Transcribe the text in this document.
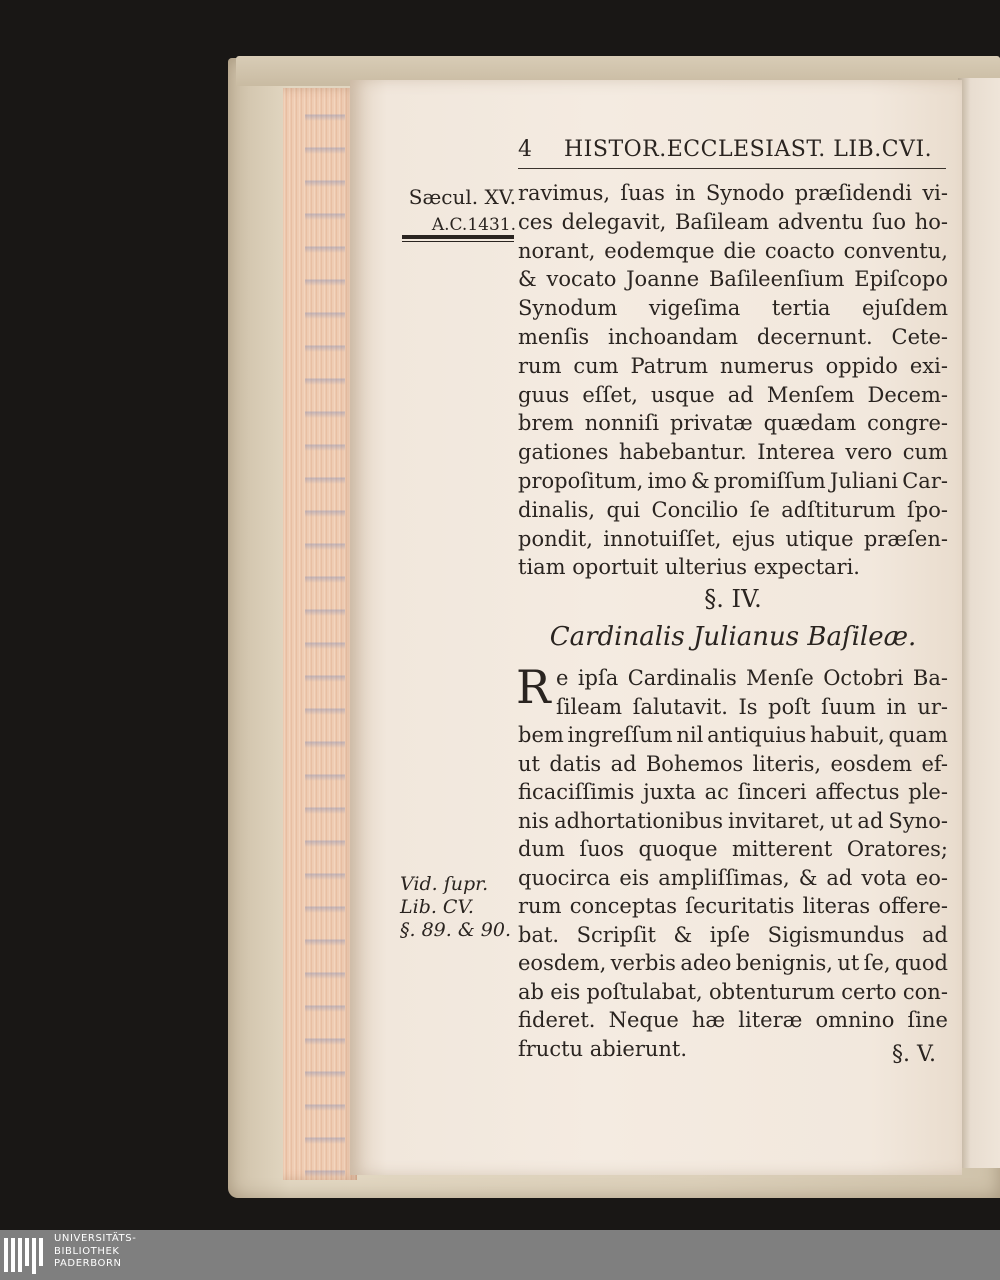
4 HISTOR.ECCLESIAST. LIB.CVI.
Sæcul. XV.
A.C.1431.
ravimus, ſuas in Synodo præſidendi vi-
ces delegavit, Baſileam adventu ſuo ho-
norant, eodemque die coacto conventu,
& vocato Joanne Baſileenſium Epiſcopo
Synodum vigeſima tertia ejuſdem
menſis inchoandam decernunt. Cete-
rum cum Patrum numerus oppido exi-
guus eſſet, usque ad Menſem Decem-
brem nonniſi privatæ quædam congre-
gationes habebantur. Interea vero cum
propoſitum, imo & promiſſum Juliani Car-
dinalis, qui Concilio ſe adſtiturum ſpo-
pondit, innotuiſſet, ejus utique præſen-
tiam oportuit ulterius expectari.
§. IV.
Cardinalis Julianus Baſileæ.
R e ipſa Cardinalis Menſe Octobri Ba-
ſileam ſalutavit. Is poſt ſuum in ur-
bem ingreſſum nil antiquius habuit, quam
ut datis ad Bohemos literis, eosdem ef-
ficaciſſimis juxta ac ſinceri affectus ple-
nis adhortationibus invitaret, ut ad Syno-
dum ſuos quoque mitterent Oratores;
quocirca eis ampliſſimas, & ad vota eo-
rum conceptas ſecuritatis literas offere-
bat. Scripſit & ipſe Sigismundus ad
eosdem, verbis adeo benignis, ut ſe, quod
ab eis poſtulabat, obtenturum certo con-
fideret. Neque hæ literæ omnino ſine
fructu abierunt.
Vid. ſupr.
Lib. CV.
§. 89. & 90.
§. V.
UNIVERSITÄTS-
BIBLIOTHEK
PADERBORN
